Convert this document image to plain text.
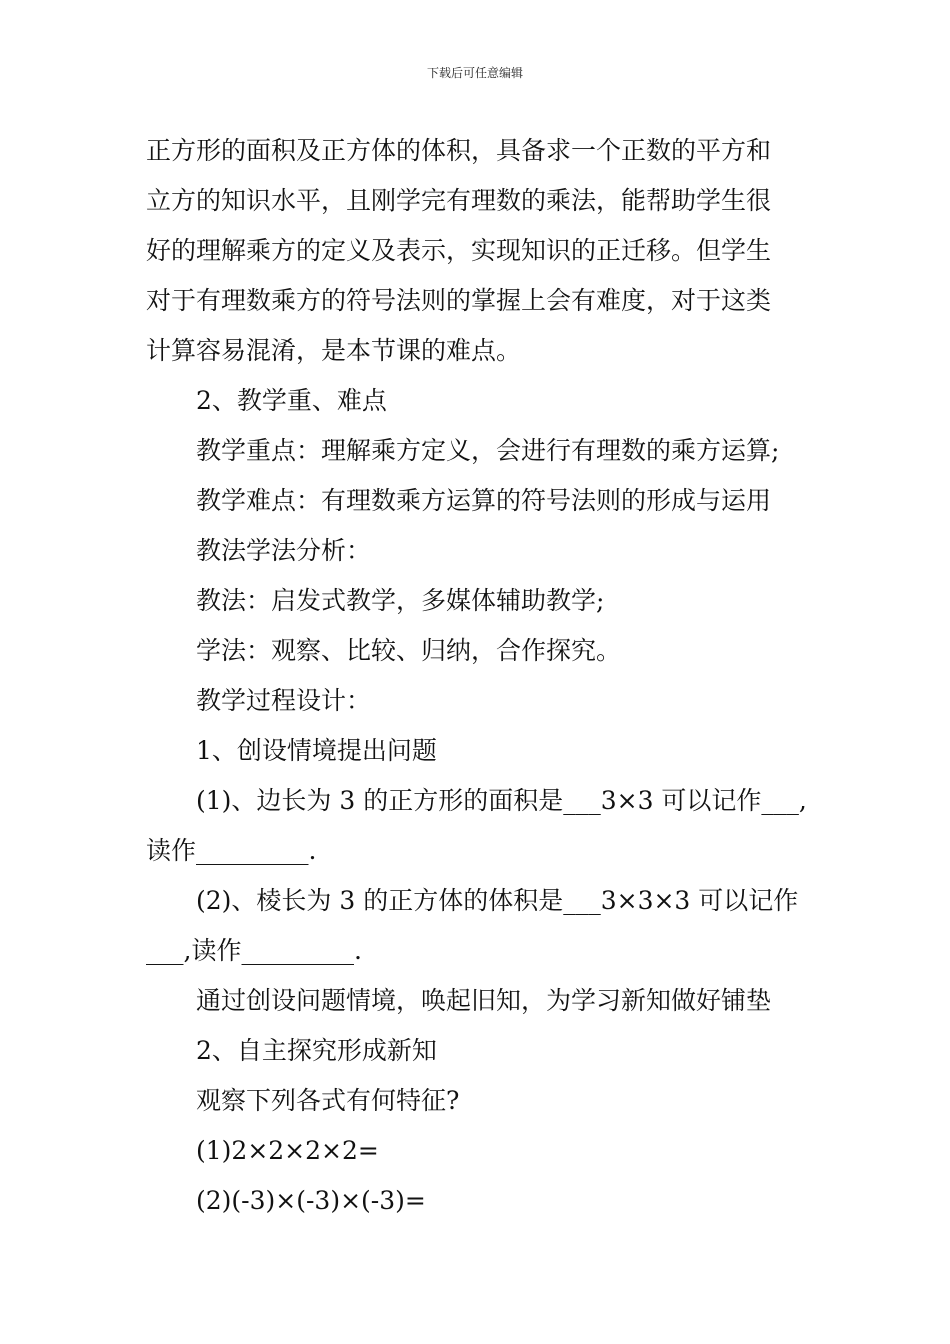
下载后可任意编辑
正方形的面积及正方体的体积，具备求一个正数的平方和
立方的知识水平，且刚学完有理数的乘法，能帮助学生很
好的理解乘方的定义及表示，实现知识的正迁移。但学生
对于有理数乘方的符号法则的掌握上会有难度，对于这类
计算容易混淆，是本节课的难点。
2、教学重、难点
教学重点：理解乘方定义，会进行有理数的乘方运算;
教学难点：有理数乘方运算的符号法则的形成与运用
教法学法分析：
教法：启发式教学，多媒体辅助教学;
学法：观察、比较、归纳，合作探究。
教学过程设计：
1、创设情境提出问题
(1)、边长为 3 的正方形的面积是___3×3 可以记作___,
读作_________.
(2)、棱长为 3 的正方体的体积是___3×3×3 可以记作
___,读作_________.
通过创设问题情境，唤起旧知，为学习新知做好铺垫
2、自主探究形成新知
观察下列各式有何特征?
(1)2×2×2×2=
(2)(-3)×(-3)×(-3)=
